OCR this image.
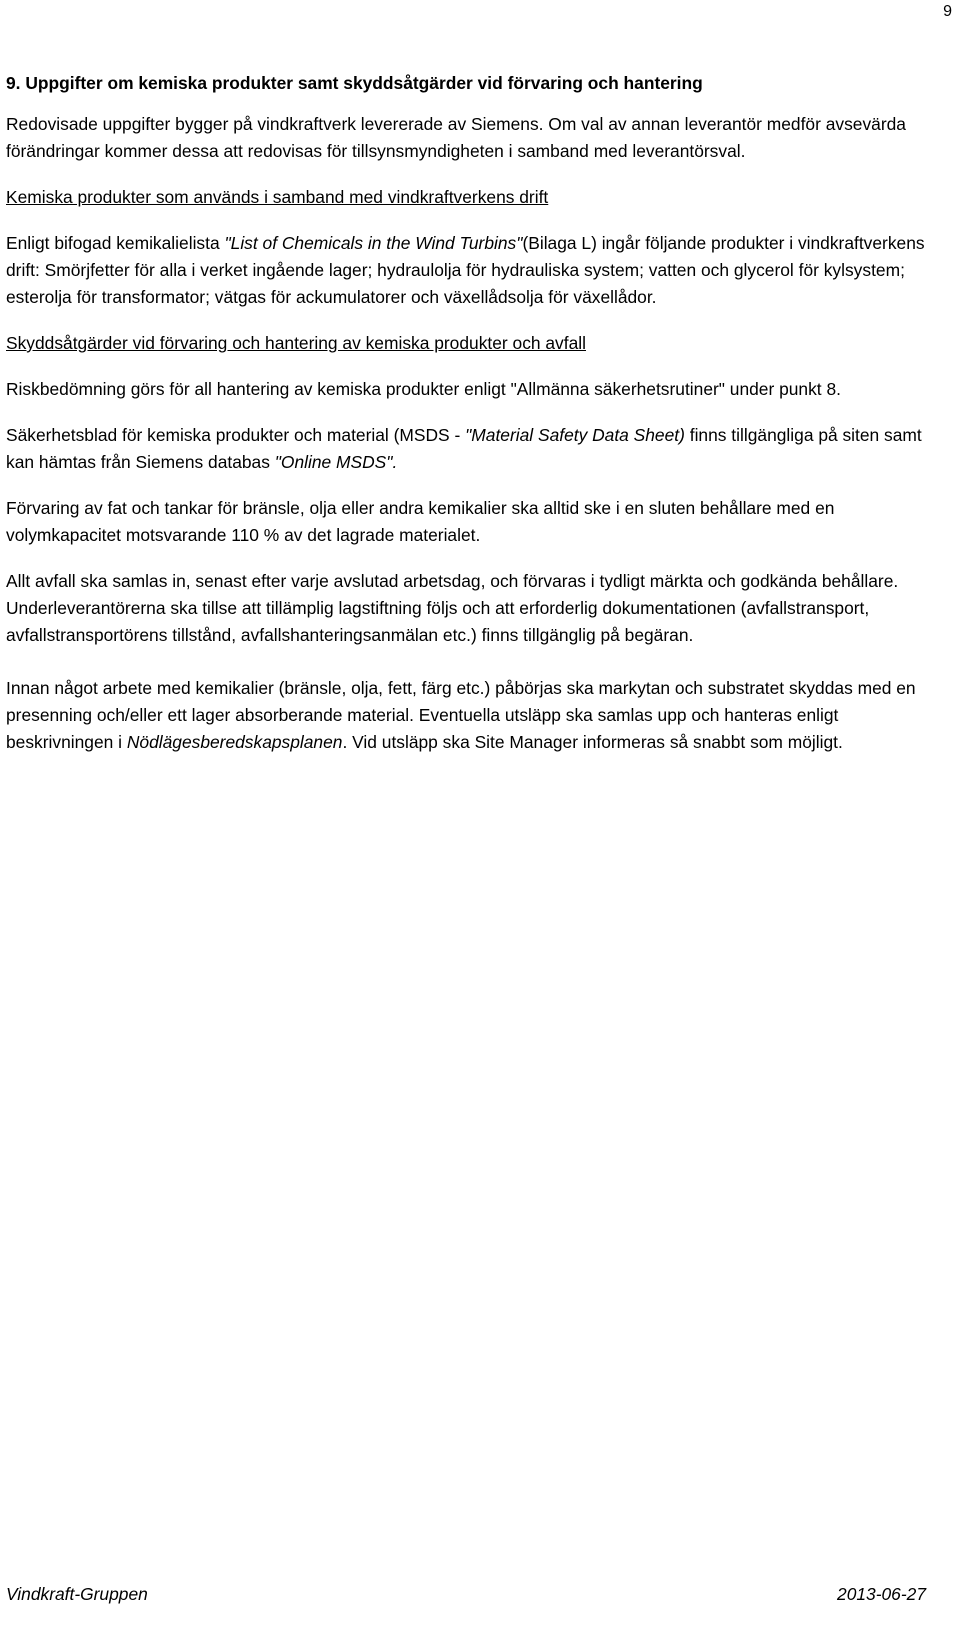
9
9. Uppgifter om kemiska produkter samt skyddsåtgärder vid förvaring och hantering

Redovisade uppgifter bygger på vindkraftverk levererade av Siemens. Om val av annan leverantör medför avsevärda förändringar kommer dessa att redovisas för tillsynsmyndigheten i samband med leverantörsval.

Kemiska produkter som används i samband med vindkraftverkens drift

Enligt bifogad kemikalielista "List of Chemicals in the Wind Turbins"(Bilaga L) ingår följande produkter i vindkraftverkens drift: Smörjfetter för alla i verket ingående lager; hydraulolja för hydrauliska system; vatten och glycerol för kylsystem; esterolja för transformator; vätgas för ackumulatorer och växellådsolja för växellådor.

Skyddsåtgärder vid förvaring och hantering av kemiska produkter och avfall

Riskbedömning görs för all hantering av kemiska produkter enligt "Allmänna säkerhetsrutiner" under punkt 8.

Säkerhetsblad för kemiska produkter och material (MSDS - "Material Safety Data Sheet) finns tillgängliga på siten samt kan hämtas från Siemens databas "Online MSDS".

Förvaring av fat och tankar för bränsle, olja eller andra kemikalier ska alltid ske i en sluten behållare med en volymkapacitet motsvarande 110 % av det lagrade materialet.

Allt avfall ska samlas in, senast efter varje avslutad arbetsdag, och förvaras i tydligt märkta och godkända behållare. Underleverantörerna ska tillse att tillämplig lagstiftning följs och att erforderlig dokumentationen (avfallstransport, avfallstransportörens tillstånd, avfallshanteringsanmälan etc.) finns tillgänglig på begäran.

Innan något arbete med kemikalier (bränsle, olja, fett, färg etc.) påbörjas ska markytan och substratet skyddas med en presenning och/eller ett lager absorberande material. Eventuella utsläpp ska samlas upp och hanteras enligt beskrivningen i Nödlägesberedskapsplanen. Vid utsläpp ska Site Manager informeras så snabbt som möjligt.

Vindkraft-Gruppen	2013-06-27
